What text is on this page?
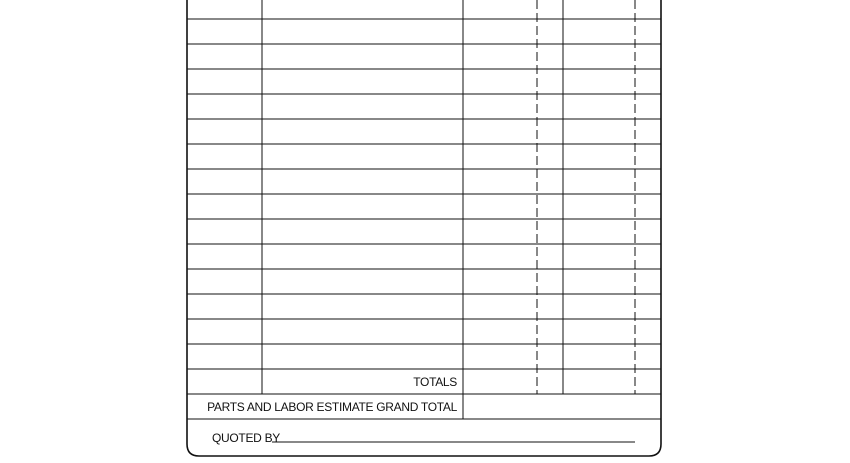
TOTALS
PARTS AND LABOR ESTIMATE GRAND TOTAL
QUOTED BY
